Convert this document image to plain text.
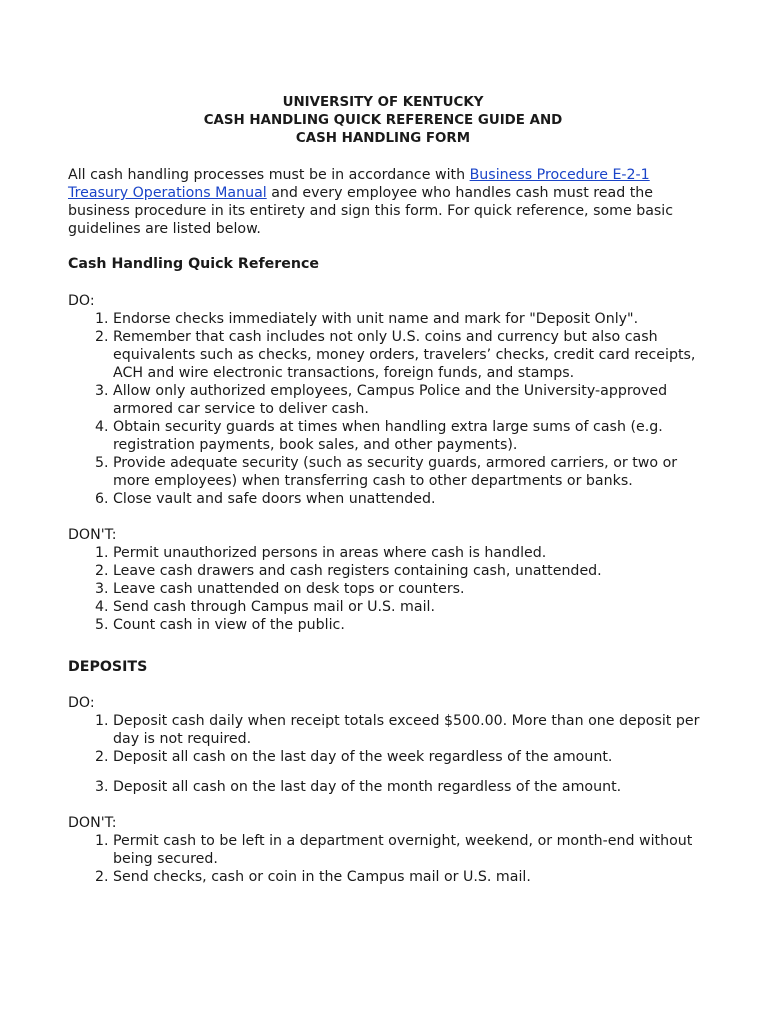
UNIVERSITY OF KENTUCKY
CASH HANDLING QUICK REFERENCE GUIDE AND
CASH HANDLING FORM
All cash handling processes must be in accordance with Business Procedure E-2-1 Treasury Operations Manual and every employee who handles cash must read the business procedure in its entirety and sign this form. For quick reference, some basic guidelines are listed below.
Cash Handling Quick Reference
DO:
1. Endorse checks immediately with unit name and mark for "Deposit Only".
2. Remember that cash includes not only U.S. coins and currency but also cash equivalents such as checks, money orders, travelers’ checks, credit card receipts, ACH and wire electronic transactions, foreign funds, and stamps.
3. Allow only authorized employees, Campus Police and the University-approved armored car service to deliver cash.
4. Obtain security guards at times when handling extra large sums of cash (e.g. registration payments, book sales, and other payments).
5. Provide adequate security (such as security guards, armored carriers, or two or more employees) when transferring cash to other departments or banks.
6. Close vault and safe doors when unattended.
DON'T:
1. Permit unauthorized persons in areas where cash is handled.
2. Leave cash drawers and cash registers containing cash, unattended.
3. Leave cash unattended on desk tops or counters.
4. Send cash through Campus mail or U.S. mail.
5. Count cash in view of the public.
DEPOSITS
DO:
1. Deposit cash daily when receipt totals exceed $500.00. More than one deposit per day is not required.
2. Deposit all cash on the last day of the week regardless of the amount.
3. Deposit all cash on the last day of the month regardless of the amount.
DON'T:
1. Permit cash to be left in a department overnight, weekend, or month-end without being secured.
2. Send checks, cash or coin in the Campus mail or U.S. mail.
